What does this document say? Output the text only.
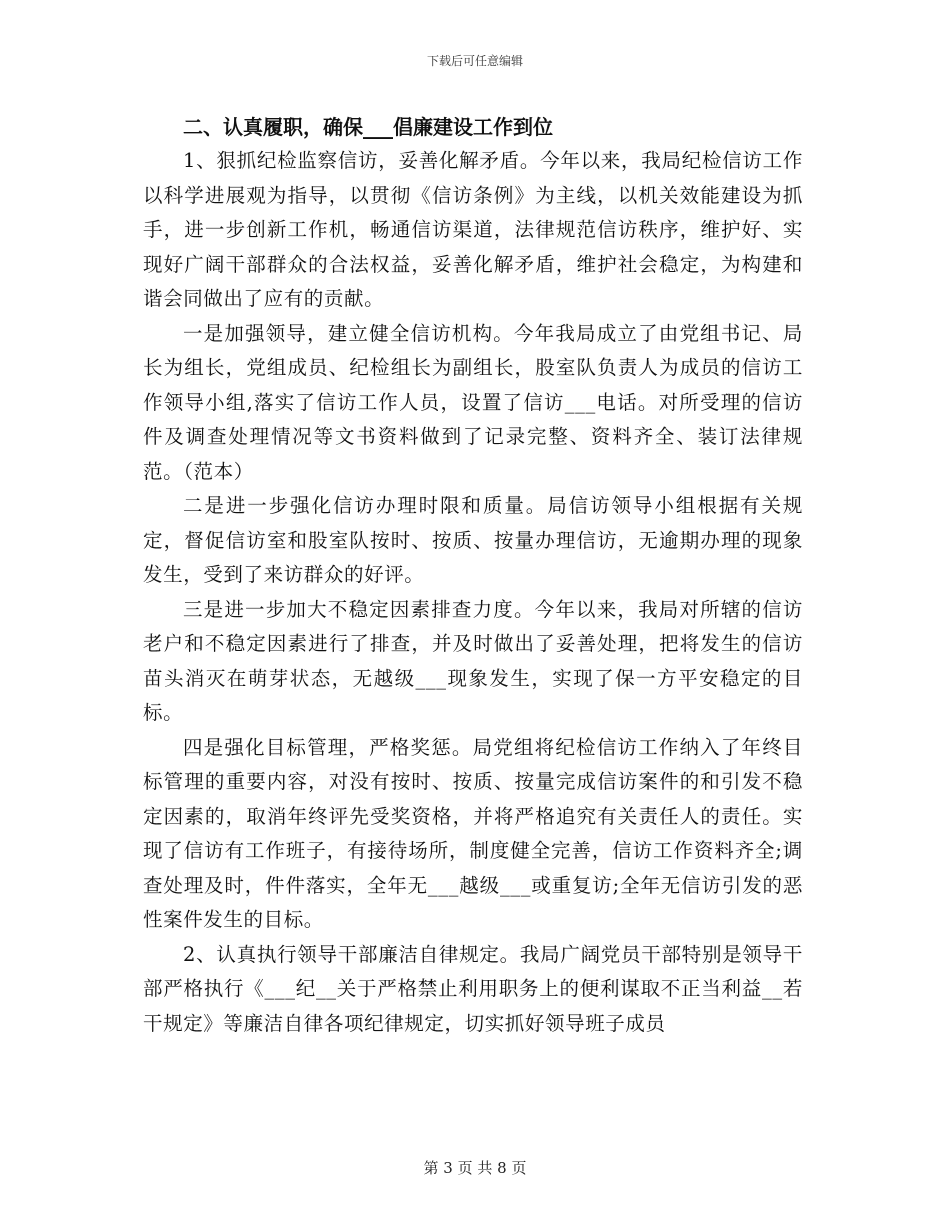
下载后可任意编辑
二、认真履职，确保___倡廉建设工作到位

1、狠抓纪检监察信访，妥善化解矛盾。今年以来，我局纪检信访工作以科学进展观为指导，以贯彻《信访条例》为主线，以机关效能建设为抓手，进一步创新工作机，畅通信访渠道，法律规范信访秩序，维护好、实现好广阔干部群众的合法权益，妥善化解矛盾，维护社会稳定，为构建和谐会同做出了应有的贡献。

一是加强领导，建立健全信访机构。今年我局成立了由党组书记、局长为组长，党组成员、纪检组长为副组长，股室队负责人为成员的信访工作领导小组,落实了信访工作人员，设置了信访___电话。对所受理的信访件及调查处理情况等文书资料做到了记录完整、资料齐全、装订法律规范。（范本）

二是进一步强化信访办理时限和质量。局信访领导小组根据有关规定，督促信访室和股室队按时、按质、按量办理信访，无逾期办理的现象发生，受到了来访群众的好评。

三是进一步加大不稳定因素排查力度。今年以来，我局对所辖的信访老户和不稳定因素进行了排查，并及时做出了妥善处理，把将发生的信访苗头消灭在萌芽状态，无越级___现象发生，实现了保一方平安稳定的目标。

四是强化目标管理，严格奖惩。局党组将纪检信访工作纳入了年终目标管理的重要内容，对没有按时、按质、按量完成信访案件的和引发不稳定因素的，取消年终评先受奖资格，并将严格追究有关责任人的责任。实现了信访有工作班子，有接待场所，制度健全完善，信访工作资料齐全;调查处理及时，件件落实，全年无___越级___或重复访;全年无信访引发的恶性案件发生的目标。

2、认真执行领导干部廉洁自律规定。我局广阔党员干部特别是领导干部严格执行《___纪__关于严格禁止利用职务上的便利谋取不正当利益__若干规定》等廉洁自律各项纪律规定，切实抓好领导班子成员

第 3 页 共 8 页
